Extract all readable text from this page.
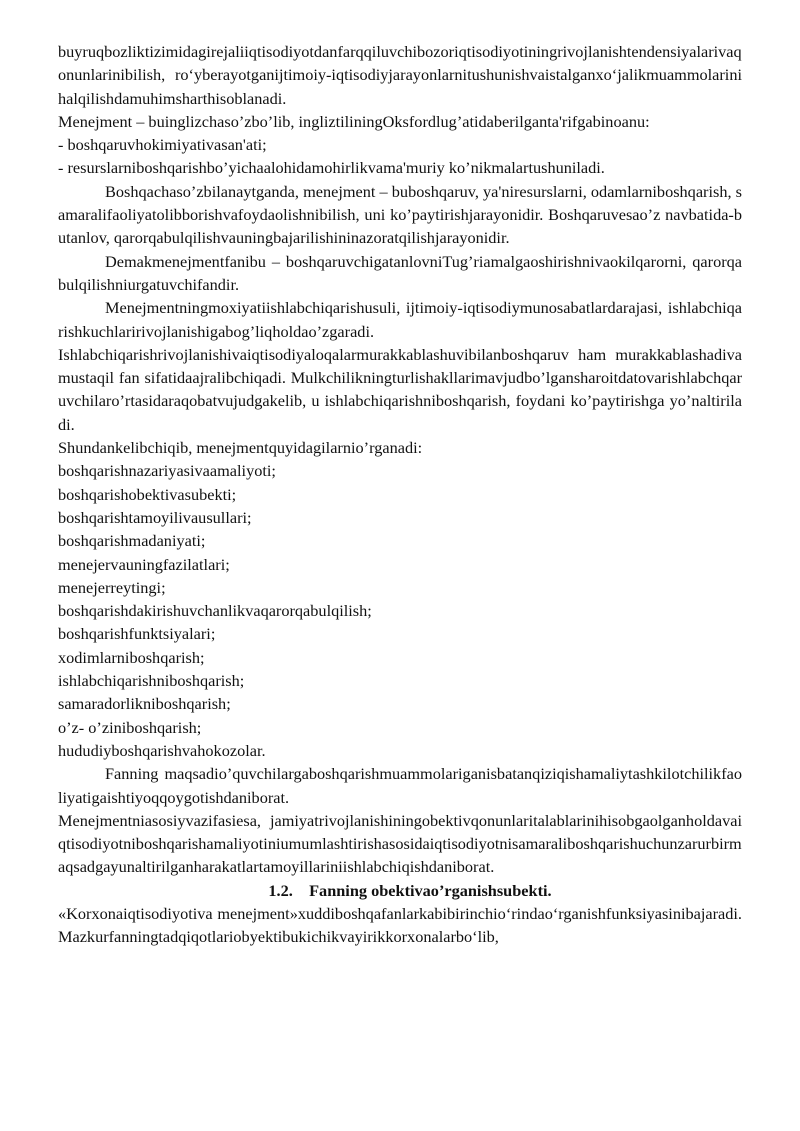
buyruqbozliktizimidagirejaliiqtisodiyotdanfarqqiluvchibozoriqtisodiyotiningrivojlanishtendensiyalarivaqonunlarinibilish, ro‘yberayotganijtimoiy-iqtisodiyjarayonlarnitushunishvaistalganxo‘jalikmuammolarinihalqilishdamuhimsharthisoblanadi.

Menejment – buinglizchaso’zbo’lib, ingliztiliningOksfordlug’atidaberilganta'rifgabinoanu:

- boshqaruvhokimiyativasan'ati;

- resurslarniboshqarishbo’yichaalohidamohirlikvama'muriy ko’nikmalartushuniladi.

Boshqachaso’zbilanaytganda, menejment – buboshqaruv, ya'niresurslarni, odamlarniboshqarish, samaralifaoliyatolibborishvafoydaolishnibilish, uni ko’paytirishjarayonidir. Boshqaruvesao’z navbatida-butanlov, qarorqabulqilishvauningbajarilishininazoratqilishjarayonidir.

Demakmenejmentfanibu – boshqaruvchigatanlovniTug’riamalgaoshirishnivaokilqarorni, qarorqabulqilishniurgatuvchifandir.

Menejmentningmoxiyatiishlabchiqarishusuli, ijtimoiy-iqtisodiymunosabatlardarajasi, ishlabchiqarishkuchlaririvojlanishigabog’liqholdao’zgaradi.

Ishlabchiqarishrivojlanishivaiqtisodiyaloqalarmurakkablashuvibilanboshqaruv ham murakkablashadivamustaqil fan sifatidaajralibchiqadi. Mulkchilikningturlishakllarimavjudbo’lgansharoitdatovarishlabchqaruvchilaro’rtasidaraqobatvujudgakelib, u ishlabchiqarishniboshqarish, foydani ko’paytirishga yo’naltiriladi.

Shundankelibchiqib, menejmentquyidagilarnio’rganadi:

boshqarishnazariyasivaamaliyoti;

boshqarishobektivasubekti;

boshqarishtamoyilivausullari;

boshqarishmadaniyati;

menejervauningfazilatlari;

menejerreytingi;

boshqarishdakirishuvchanlikvaqarorqabulqilish;

boshqarishfunktsiyalari;

xodimlarniboshqarish;

ishlabchiqarishniboshqarish;

samaradorlikniboshqarish;

o’z- o’ziniboshqarish;

hududiyboshqarishvahokozolar.

Fanning maqsadio’quvchilargaboshqarishmuammolariganisbatanqiziqishamaliytashkilotchilikfaoliyatigaishtiyoqqoygotishdaniborat.

Menejmentniasosiyvazifasiesa, jamiyatrivojlanishiningobektivqonunlaritalablarinihisobgaolganholdavaiqtisodiyotniboshqarishamaliyotiniumumlashtirishasosidaiqtisodiyotnisamaraliboshqarishuchunzarurbirmaqsadgayunaltirilganharakatlartamoyillariniishlabchiqishdaniborat.

1.2. Fanning obektivao’rganishsubekti.

«Korxonaiqtisodiyotiva menejment»xuddiboshqafanlarkabibirinchio‘rindao‘rganishfunksiyasinibajaradi. Mazkurfanningtadqiqotlariobyektibukichikvayirikkorxonalarbo‘lib,
